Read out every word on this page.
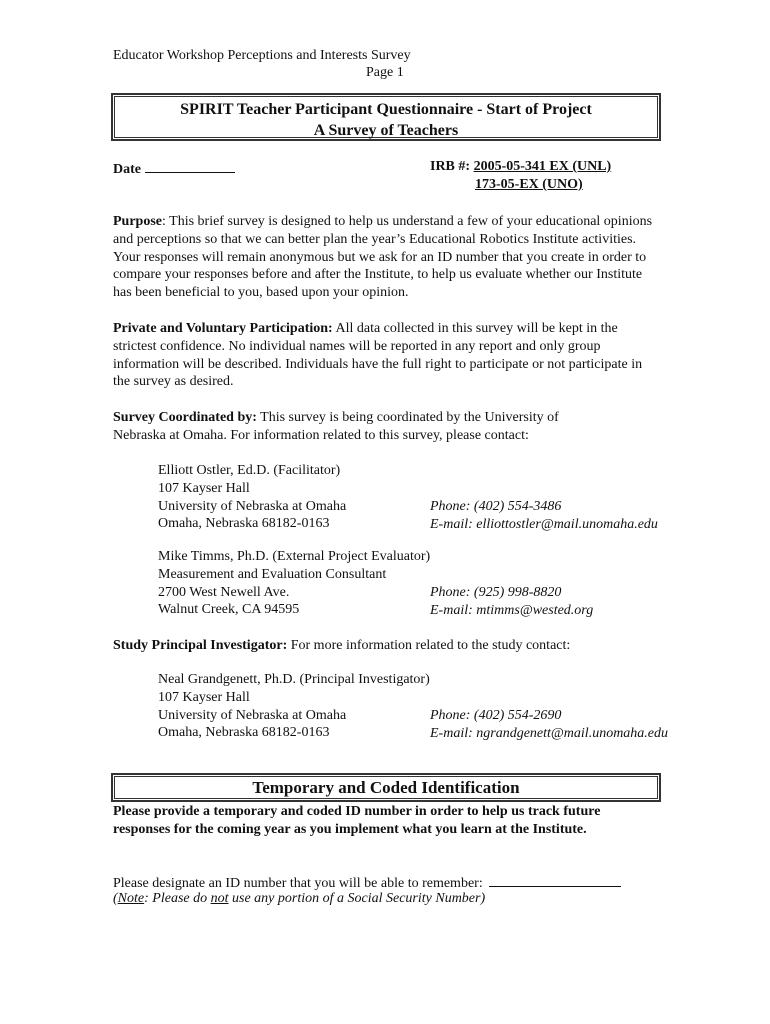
Educator Workshop Perceptions and Interests Survey
Page 1
SPIRIT Teacher Participant Questionnaire - Start of Project
A Survey of Teachers
Date	IRB #: 2005-05-341 EX (UNL)
173-05-EX (UNO)
Purpose: This brief survey is designed to help us understand a few of your educational opinions and perceptions so that we can better plan the year’s Educational Robotics Institute activities. Your responses will remain anonymous but we ask for an ID number that you create in order to compare your responses before and after the Institute, to help us evaluate whether our Institute has been beneficial to you, based upon your opinion.
Private and Voluntary Participation: All data collected in this survey will be kept in the strictest confidence. No individual names will be reported in any report and only group information will be described. Individuals have the full right to participate or not participate in the survey as desired.
Survey Coordinated by: This survey is being coordinated by the University of Nebraska at Omaha. For information related to this survey, please contact:
Elliott Ostler, Ed.D. (Facilitator)
107 Kayser Hall
University of Nebraska at Omaha
Omaha, Nebraska 68182-0163
Phone: (402) 554-3486
E-mail: elliottostler@mail.unomaha.edu
Mike Timms, Ph.D. (External Project Evaluator)
Measurement and Evaluation Consultant
2700 West Newell Ave.
Walnut Creek, CA 94595
Phone: (925) 998-8820
E-mail: mtimms@wested.org
Study Principal Investigator: For more information related to the study contact:
Neal Grandgenett, Ph.D. (Principal Investigator)
107 Kayser Hall
University of Nebraska at Omaha
Omaha, Nebraska 68182-0163
Phone: (402) 554-2690
E-mail: ngrandgenett@mail.unomaha.edu
Temporary and Coded Identification
Please provide a temporary and coded ID number in order to help us track future responses for the coming year as you implement what you learn at the Institute.
Please designate an ID number that you will be able to remember:
(Note: Please do not use any portion of a Social Security Number)
